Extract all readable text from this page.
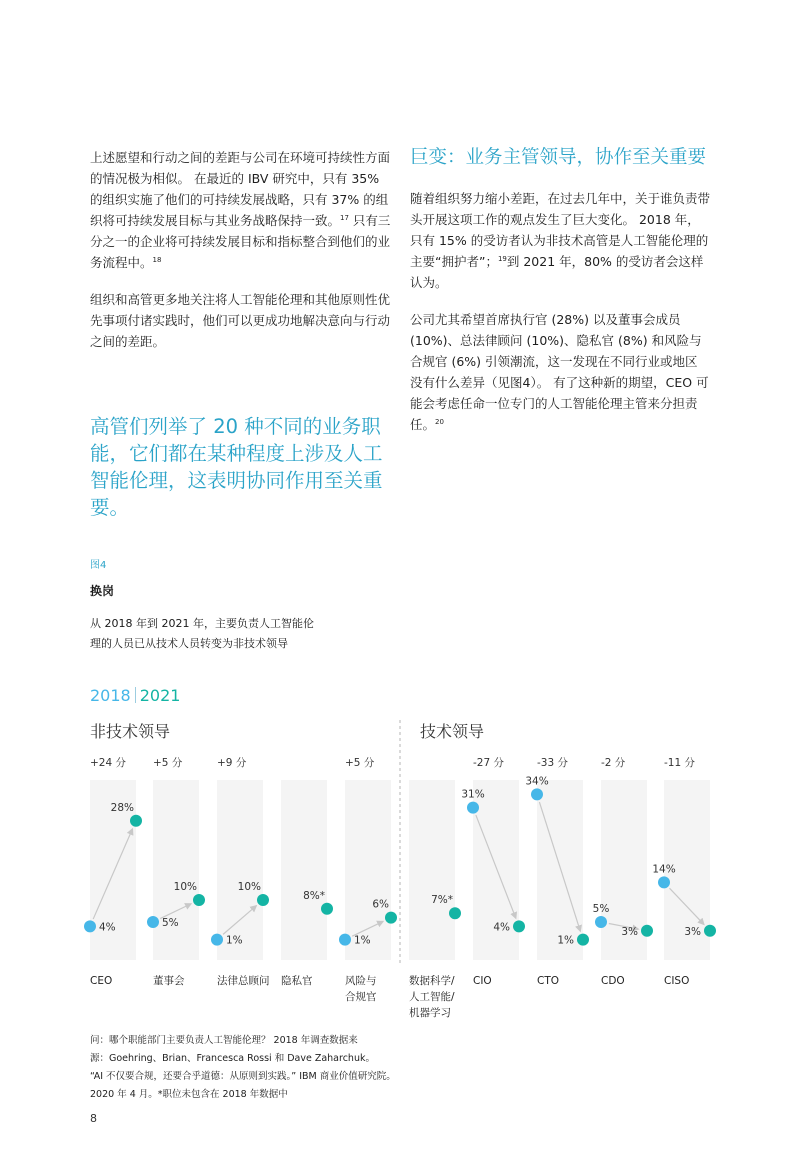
上述愿望和行动之间的差距与公司在环境可持续性方面的情况极为相似。 在最近的 IBV 研究中，只有 35% 的组织实施了他们的可持续发展战略，只有 37% 的组织将可持续发展目标与其业务战略保持一致。$^{17}$ 只有三分之一的企业将可持续发展目标和指标整合到他们的业务流程中。$^{18}$

组织和高管更多地关注将人工智能伦理和其他原则性优先事项付诸实践时，他们可以更成功地解决意向与行动之间的差距。

巨变：业务主管领导，协作至关重要

随着组织努力缩小差距，在过去几年中，关于谁负责带头开展这项工作的观点发生了巨大变化。 2018 年，只有 15% 的受访者认为非技术高管是人工智能伦理的主要“拥护者”；$^{19}$到 2021 年，80% 的受访者会这样认为。

公司尤其希望首席执行官 (28%) 以及董事会成员 (10%)、总法律顾问 (10%)、隐私官 (8%) 和风险与合规官 (6%) 引领潮流，这一发现在不同行业或地区没有什么差异（见图4）。 有了这种新的期望，CEO 可能会考虑任命一位专门的人工智能伦理主管来分担责任。$^{20}$

高管们列举了 20 种不同的业务职能，它们都在某种程度上涉及人工智能伦理，这表明协同作用至关重要。
图4
换岗
从 2018 年到 2021 年，主要负责人工智能伦
理的人员已从技术人员转变为非技术领导
2018 2021
非技术领导	技术领导
+24 分
4%
28%
+5 分
5%
10%
+9 分
1%
10%
8%*
+5 分
1%
6%	7%*
-27 分
31%
4%
-33 分
34%
1%
-2 分
5%
3%
-11 分
14%
3%
CEO	董事会	法律总顾问 隐私官	风险与
合规官
数据科学/
人工智能/
机器学习
CIO	CTO	CDO	CISO
问：哪个职能部门主要负责人工智能伦理？ 2018 年调查数据来
源：Goehring、Brian、Francesca Rossi 和 Dave Zaharchuk。
“AI 不仅要合规，还要合乎道德：从原则到实践。” IBM 商业价值研究院。
2020 年 4 月。*职位未包含在 2018 年数据中
8
